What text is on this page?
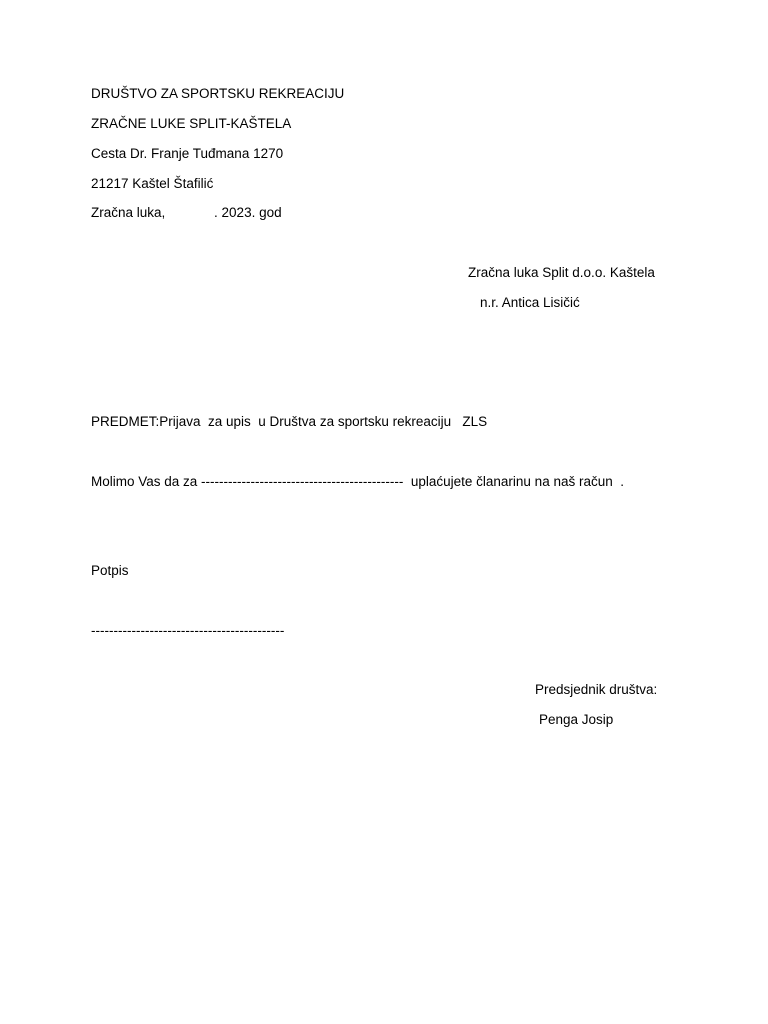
DRUŠTVO ZA SPORTSKU REKREACIJU
ZRAČNE LUKE SPLIT-KAŠTELA
Cesta Dr. Franje Tuđmana 1270
21217 Kaštel Štafilić
Zračna luka,             . 2023. god
Zračna luka Split d.o.o. Kaštela
n.r. Antica Lisičić
PREDMET:Prijava  za upis  u Društva za sportsku rekreaciju   ZLS
Molimo Vas da za ---------------------------------------------  uplaćujete članarinu na naš račun  .
Potpis
-------------------------------------------
Predsjednik društva:
Penga Josip
